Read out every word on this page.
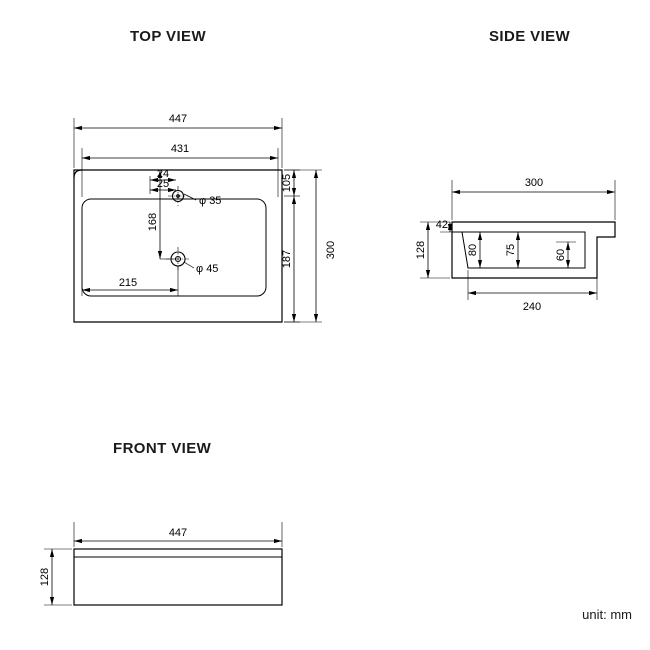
TOP VIEW	SIDE VIEW
FRONT VIEW
unit: mm
447
431
300
187
105
168
215
24
25
φ 35
φ 45
300
240
128
42
80 75	60
447
128
